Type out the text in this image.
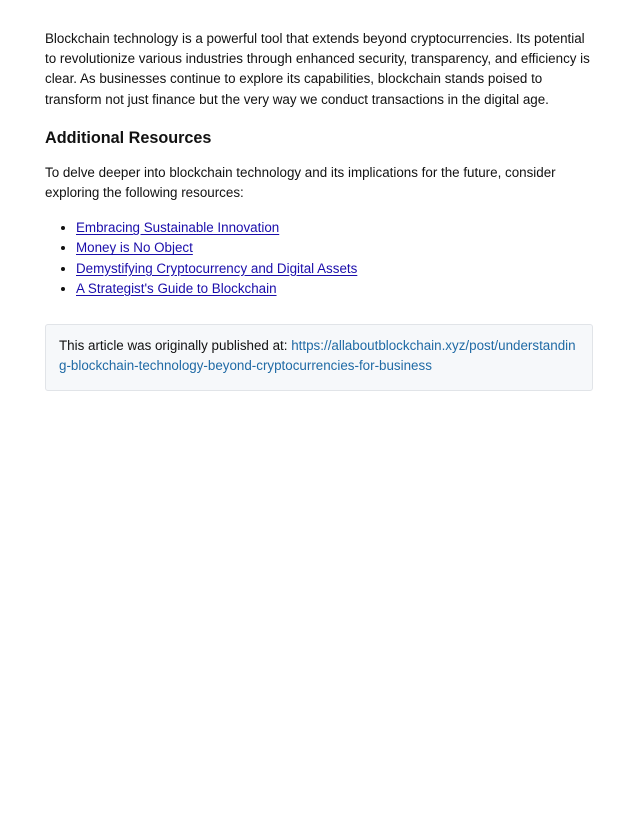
Blockchain technology is a powerful tool that extends beyond cryptocurrencies. Its potential to revolutionize various industries through enhanced security, transparency, and efficiency is clear. As businesses continue to explore its capabilities, blockchain stands poised to transform not just finance but the very way we conduct transactions in the digital age.

Additional Resources

To delve deeper into blockchain technology and its implications for the future, consider exploring the following resources:

• Embracing Sustainable Innovation
• Money is No Object
• Demystifying Cryptocurrency and Digital Assets
• A Strategist's Guide to Blockchain
This article was originally published at: https://allaboutblockchain.xyz/post/understanding-blockchain-technology-beyond-cryptocurrencies-for-business
